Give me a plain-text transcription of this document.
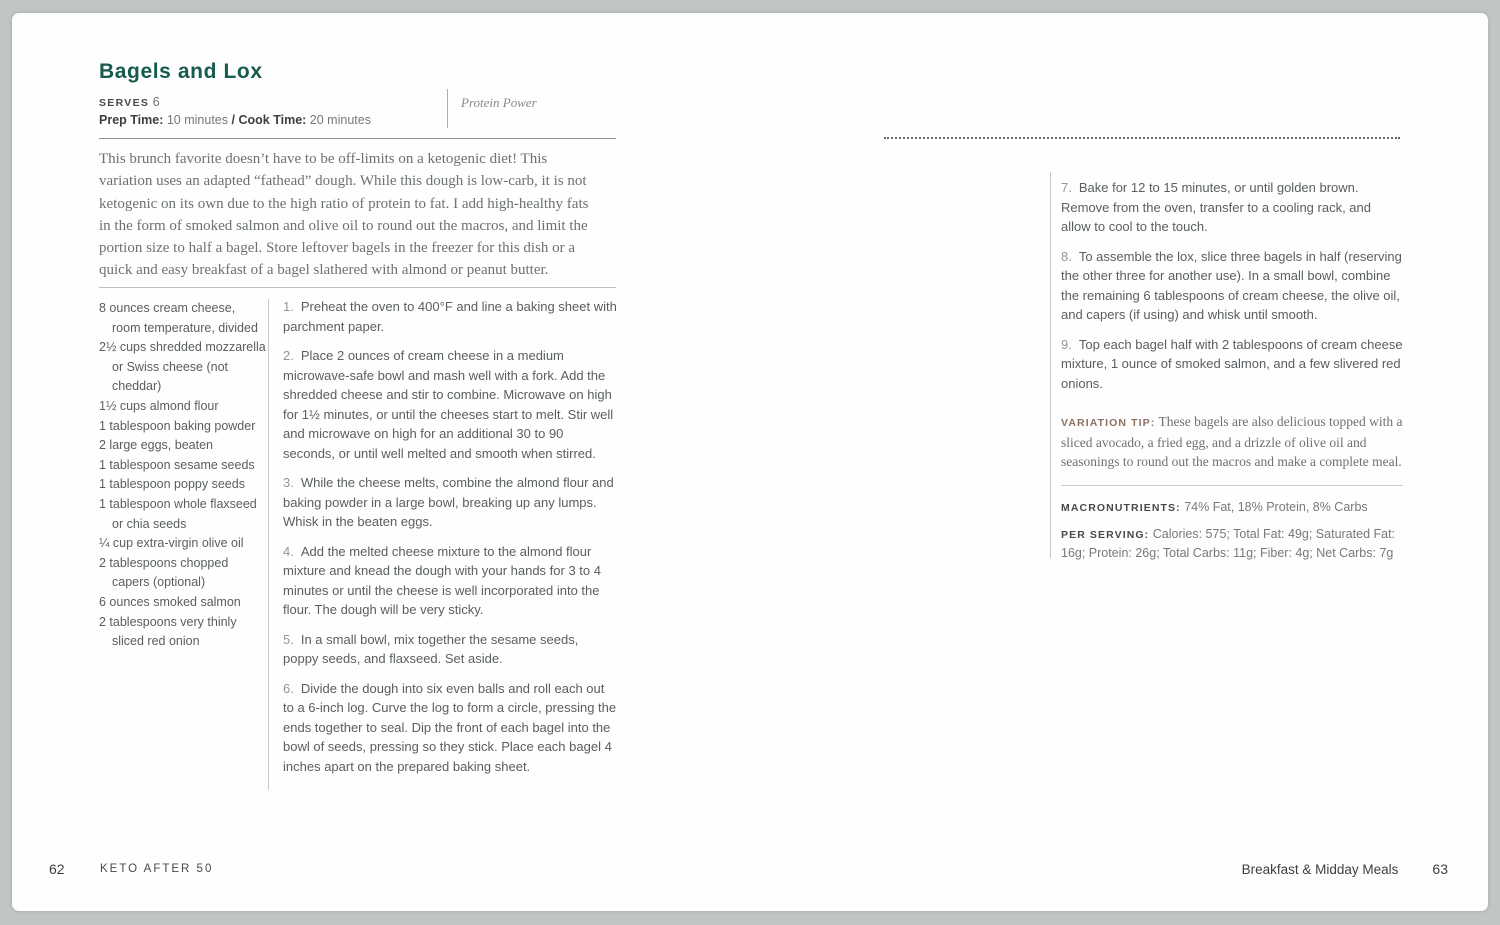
Bagels and Lox
SERVES 6
Prep Time: 10 minutes / Cook Time: 20 minutes
Protein Power
This brunch favorite doesn’t have to be off-limits on a ketogenic diet! This variation uses an adapted “fathead” dough. While this dough is low-carb, it is not ketogenic on its own due to the high ratio of protein to fat. I add high-healthy fats in the form of smoked salmon and olive oil to round out the macros, and limit the portion size to half a bagel. Store leftover bagels in the freezer for this dish or a quick and easy breakfast of a bagel slathered with almond or peanut butter.
8 ounces cream cheese, room temperature, divided
2½ cups shredded mozzarella or Swiss cheese (not cheddar)
1½ cups almond flour
1 tablespoon baking powder
2 large eggs, beaten
1 tablespoon sesame seeds
1 tablespoon poppy seeds
1 tablespoon whole flaxseed or chia seeds
¼ cup extra-virgin olive oil
2 tablespoons chopped capers (optional)
6 ounces smoked salmon
2 tablespoons very thinly sliced red onion

1. Preheat the oven to 400°F and line a baking sheet with parchment paper.

2. Place 2 ounces of cream cheese in a medium microwave-safe bowl and mash well with a fork. Add the shredded cheese and stir to combine. Microwave on high for 1½ minutes, or until the cheeses start to melt. Stir well and microwave on high for an additional 30 to 90 seconds, or until well melted and smooth when stirred.

3. While the cheese melts, combine the almond flour and baking powder in a large bowl, breaking up any lumps. Whisk in the beaten eggs.

4. Add the melted cheese mixture to the almond flour mixture and knead the dough with your hands for 3 to 4 minutes or until the cheese is well incorporated into the flour. The dough will be very sticky.

5. In a small bowl, mix together the sesame seeds, poppy seeds, and flaxseed. Set aside.

6. Divide the dough into six even balls and roll each out to a 6-inch log. Curve the log to form a circle, pressing the ends together to seal. Dip the front of each bagel into the bowl of seeds, pressing so they stick. Place each bagel 4 inches apart on the prepared baking sheet.

7. Bake for 12 to 15 minutes, or until golden brown. Remove from the oven, transfer to a cooling rack, and allow to cool to the touch.

8. To assemble the lox, slice three bagels in half (reserving the other three for another use). In a small bowl, combine the remaining 6 tablespoons of cream cheese, the olive oil, and capers (if using) and whisk until smooth.

9. Top each bagel half with 2 tablespoons of cream cheese mixture, 1 ounce of smoked salmon, and a few slivered red onions.

VARIATION TIP: These bagels are also delicious topped with a sliced avocado, a fried egg, and a drizzle of olive oil and seasonings to round out the macros and make a complete meal.
MACRONUTRIENTS: 74% Fat, 18% Protein, 8% Carbs
PER SERVING: Calories: 575; Total Fat: 49g; Saturated Fat: 16g; Protein: 26g; Total Carbs: 11g; Fiber: 4g; Net Carbs: 7g
62	KETO AFTER 50	Breakfast & Midday Meals 63
